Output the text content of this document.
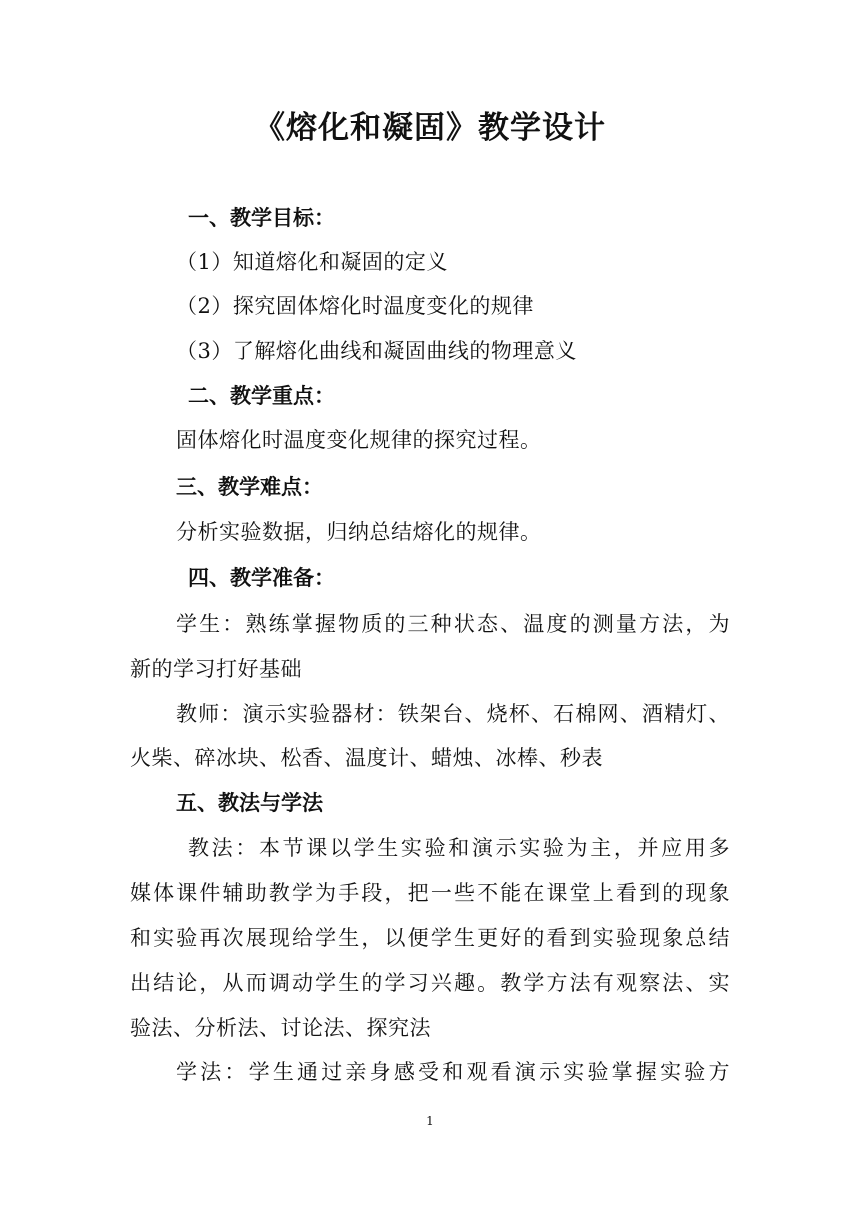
《熔化和凝固》教学设计
一、教学目标：
（1）知道熔化和凝固的定义
（2）探究固体熔化时温度变化的规律
（3）了解熔化曲线和凝固曲线的物理意义
二、教学重点：
固体熔化时温度变化规律的探究过程。
三、教学难点：
分析实验数据，归纳总结熔化的规律。
四、教学准备：
学生：熟练掌握物质的三种状态、温度的测量方法，为
新的学习打好基础
教师：演示实验器材：铁架台、烧杯、石棉网、酒精灯、
火柴、碎冰块、松香、温度计、蜡烛、冰棒、秒表
五、教法与学法
教法：本节课以学生实验和演示实验为主，并应用多
媒体课件辅助教学为手段，把一些不能在课堂上看到的现象
和实验再次展现给学生，以便学生更好的看到实验现象总结
出结论，从而调动学生的学习兴趣。教学方法有观察法、实
验法、分析法、讨论法、探究法
学法：学生通过亲身感受和观看演示实验掌握实验方
1
